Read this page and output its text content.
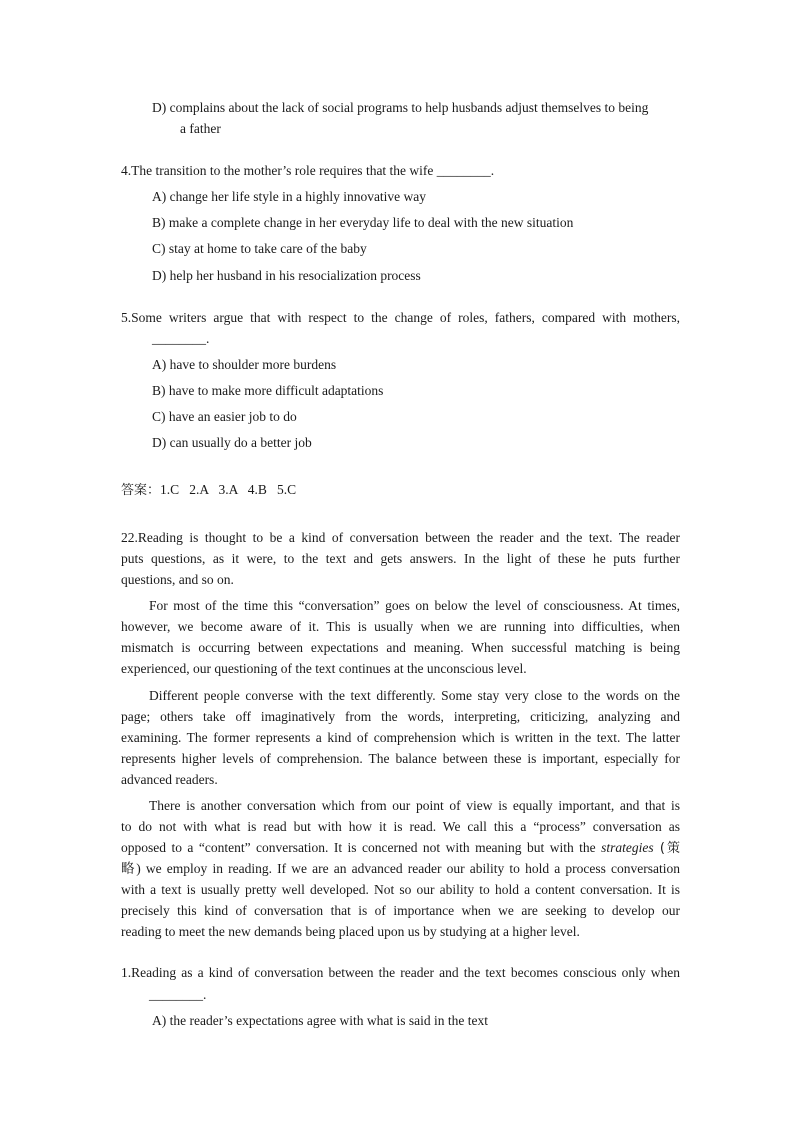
D) complains about the lack of social programs to help husbands adjust themselves to being
a father
4.The transition to the mother’s role requires that the wife ________.
A) change her life style in a highly innovative way
B) make a complete change in her everyday life to deal with the new situation
C) stay at home to take care of the baby
D) help her husband in his resocialization process
5.Some writers argue that with respect to the change of roles, fathers, compared with mothers,
________.
A) have to shoulder more burdens
B) have to make more difficult adaptations
C) have an easier job to do
D) can usually do a better job
答案：1.C   2.A   3.A   4.B   5.C
22.Reading is thought to be a kind of conversation between the reader and the text. The reader
puts questions, as it were, to the text and gets answers. In the light of these he puts further
questions, and so on.
For most of the time this “conversation” goes on below the level of consciousness. At times,
however, we become aware of it. This is usually when we are running into difficulties, when
mismatch is occurring between expectations and meaning. When successful matching is being
experienced, our questioning of the text continues at the unconscious level.
Different people converse with the text differently. Some stay very close to the words on the
page; others take off imaginatively from the words, interpreting, criticizing, analyzing and
examining. The former represents a kind of comprehension which is written in the text. The latter
represents higher levels of comprehension. The balance between these is important, especially for
advanced readers.
There is another conversation which from our point of view is equally important, and that is
to do not with what is read but with how it is read. We call this a “process” conversation as
opposed to a “content” conversation. It is concerned not with meaning but with the strategies (策
略) we employ in reading. If we are an advanced reader our ability to hold a process conversation
with a text is usually pretty well developed. Not so our ability to hold a content conversation. It is
precisely this kind of conversation that is of importance when we are seeking to develop our
reading to meet the new demands being placed upon us by studying at a higher level.
1.Reading as a kind of conversation between the reader and the text becomes conscious only when
________.
A) the reader’s expectations agree with what is said in the text
